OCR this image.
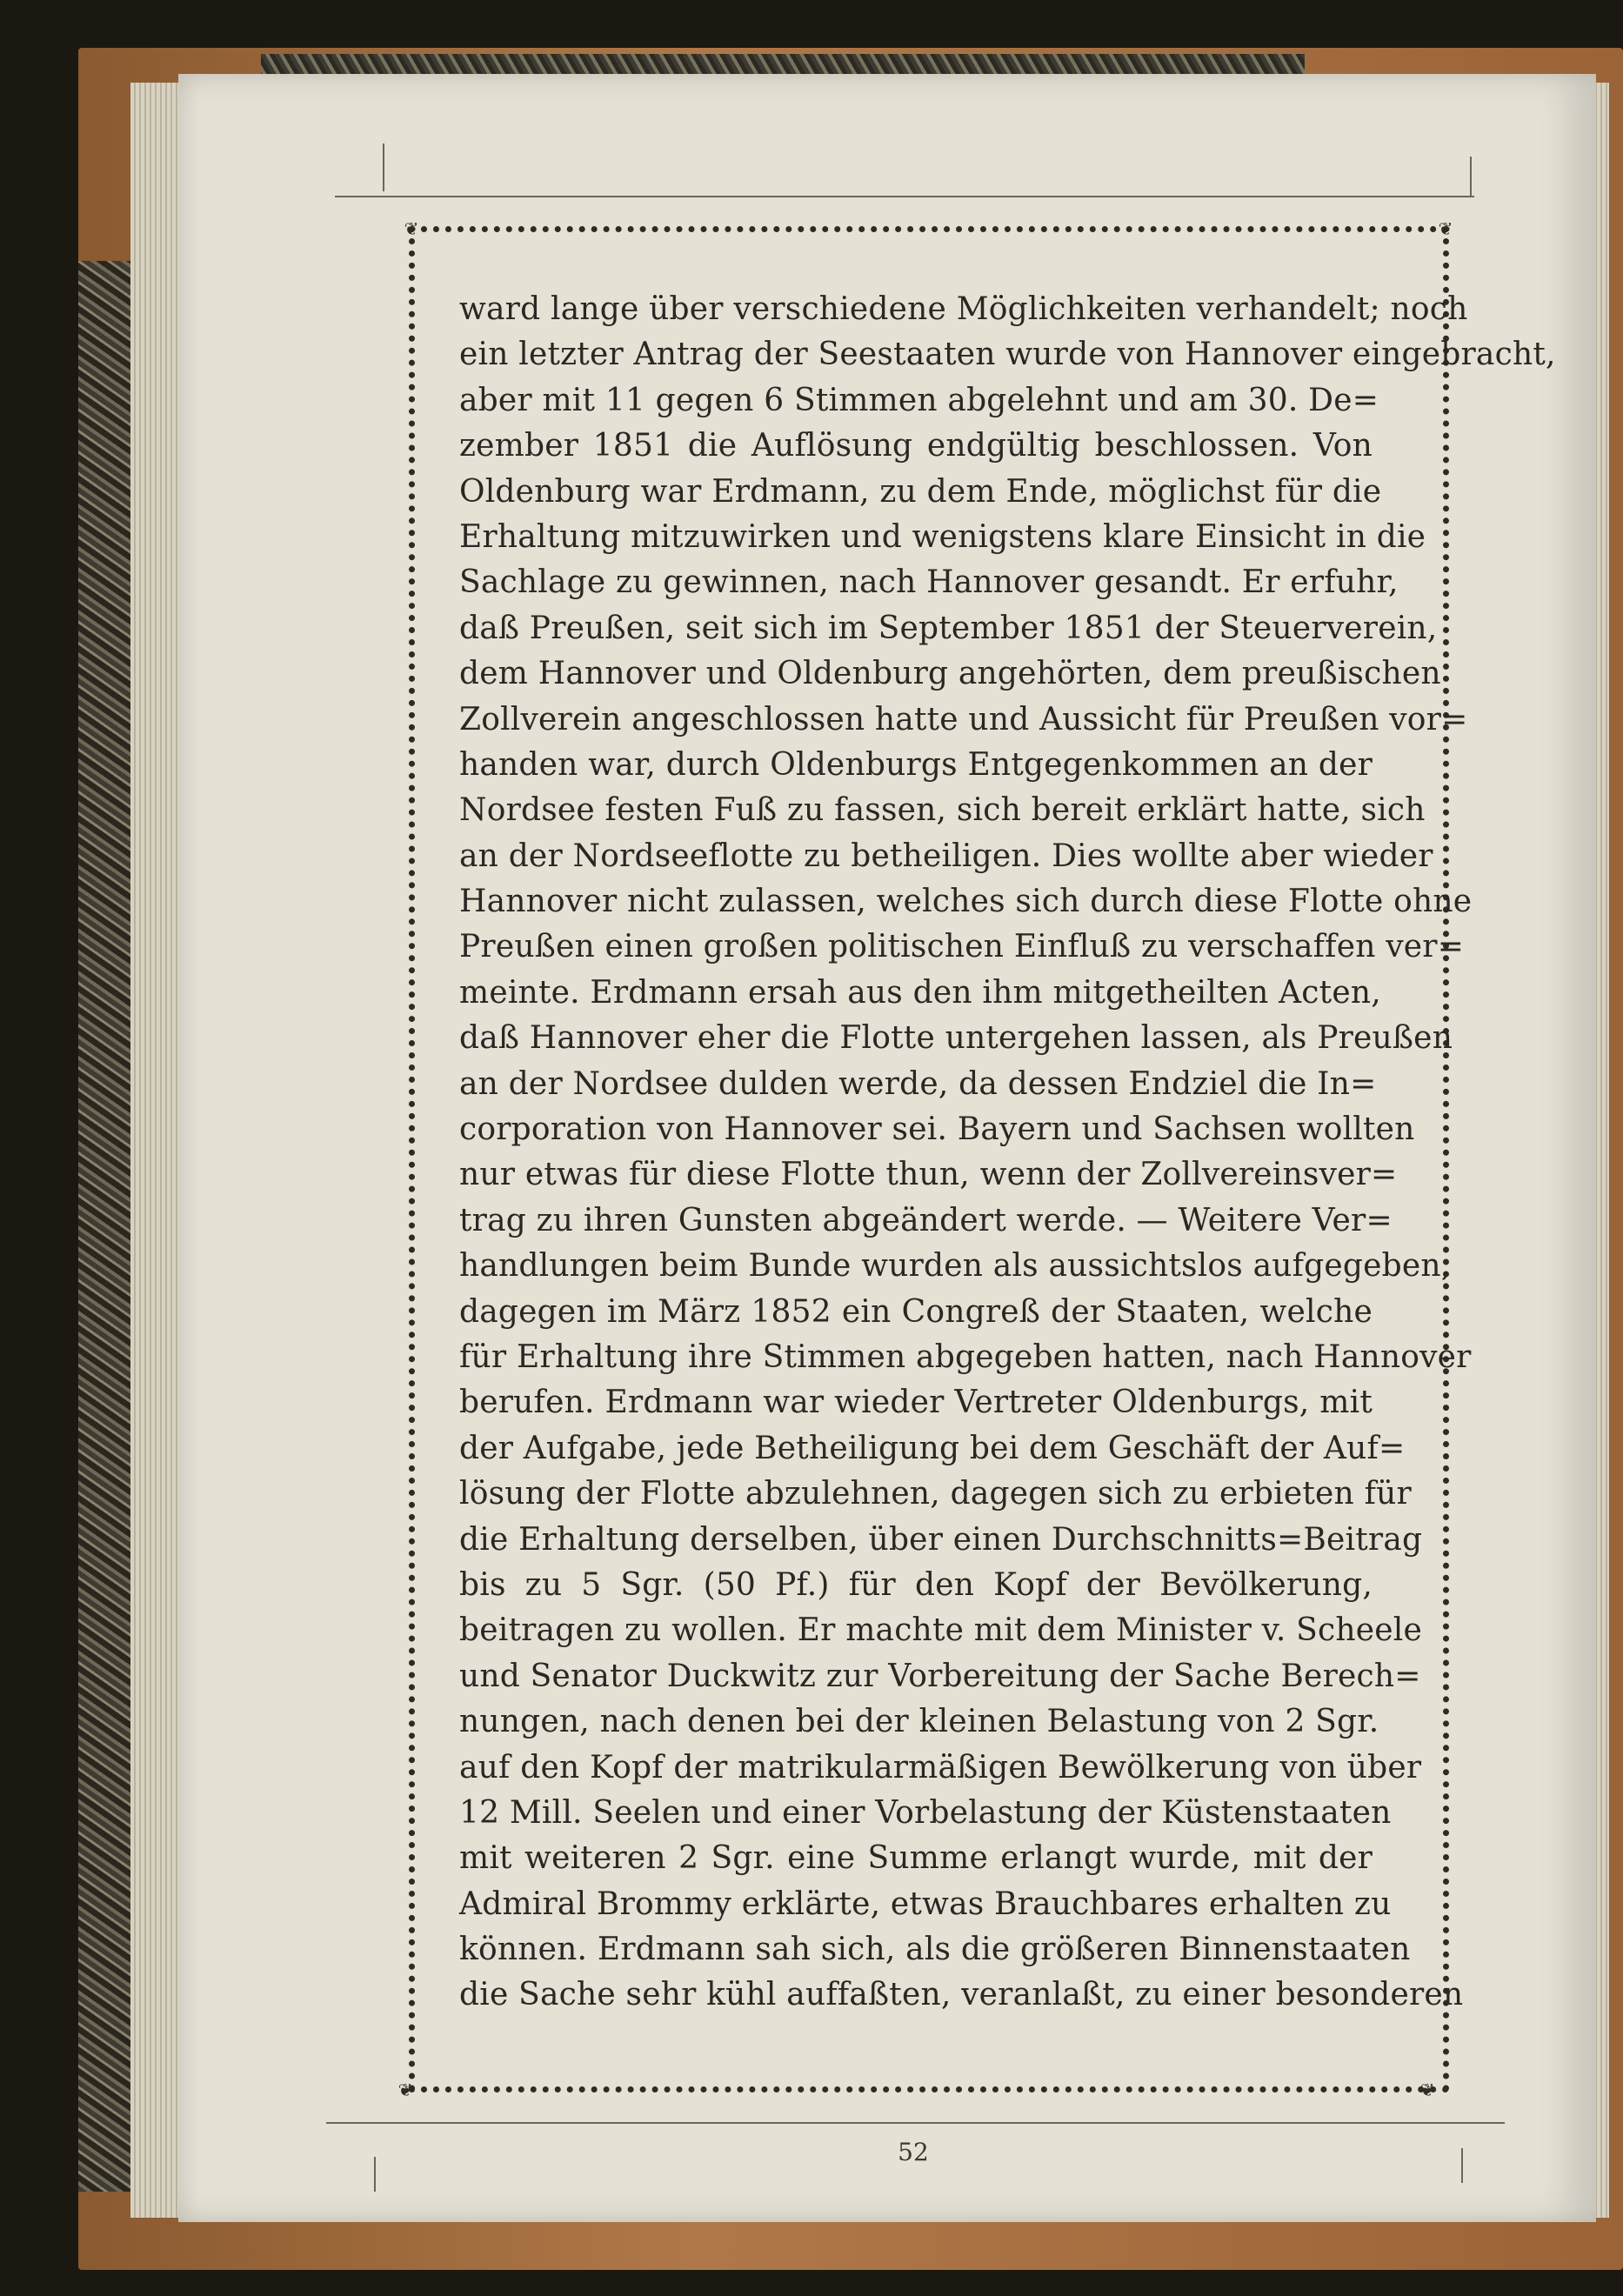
❦	❦
❦	❦
ward lange über verschiedene Möglichkeiten verhandelt; noch
ein letzter Antrag der Seestaaten wurde von Hannover eingebracht,
aber mit 11 gegen 6 Stimmen abgelehnt und am 30. De=
zember 1851 die Auflösung endgültig beschlossen. Von
Oldenburg war Erdmann, zu dem Ende, möglichst für die
Erhaltung mitzuwirken und wenigstens klare Einsicht in die
Sachlage zu gewinnen, nach Hannover gesandt. Er erfuhr,
daß Preußen, seit sich im September 1851 der Steuerverein,
dem Hannover und Oldenburg angehörten, dem preußischen
Zollverein angeschlossen hatte und Aussicht für Preußen vor=
handen war, durch Oldenburgs Entgegenkommen an der
Nordsee festen Fuß zu fassen, sich bereit erklärt hatte, sich
an der Nordseeflotte zu betheiligen. Dies wollte aber wieder
Hannover nicht zulassen, welches sich durch diese Flotte ohne
Preußen einen großen politischen Einfluß zu verschaffen ver=
meinte. Erdmann ersah aus den ihm mitgetheilten Acten,
daß Hannover eher die Flotte untergehen lassen, als Preußen
an der Nordsee dulden werde, da dessen Endziel die In=
corporation von Hannover sei. Bayern und Sachsen wollten
nur etwas für diese Flotte thun, wenn der Zollvereinsver=
trag zu ihren Gunsten abgeändert werde. — Weitere Ver=
handlungen beim Bunde wurden als aussichtslos aufgegeben,
dagegen im März 1852 ein Congreß der Staaten, welche
für Erhaltung ihre Stimmen abgegeben hatten, nach Hannover
berufen. Erdmann war wieder Vertreter Oldenburgs, mit
der Aufgabe, jede Betheiligung bei dem Geschäft der Auf=
lösung der Flotte abzulehnen, dagegen sich zu erbieten für
die Erhaltung derselben, über einen Durchschnitts=Beitrag
bis zu 5 Sgr. (50 Pf.) für den Kopf der Bevölkerung,
beitragen zu wollen. Er machte mit dem Minister v. Scheele
und Senator Duckwitz zur Vorbereitung der Sache Berech=
nungen, nach denen bei der kleinen Belastung von 2 Sgr.
auf den Kopf der matrikularmäßigen Bewölkerung von über
12 Mill. Seelen und einer Vorbelastung der Küstenstaaten
mit weiteren 2 Sgr. eine Summe erlangt wurde, mit der
Admiral Brommy erklärte, etwas Brauchbares erhalten zu
können. Erdmann sah sich, als die größeren Binnenstaaten
die Sache sehr kühl auffaßten, veranlaßt, zu einer besonderen
52
